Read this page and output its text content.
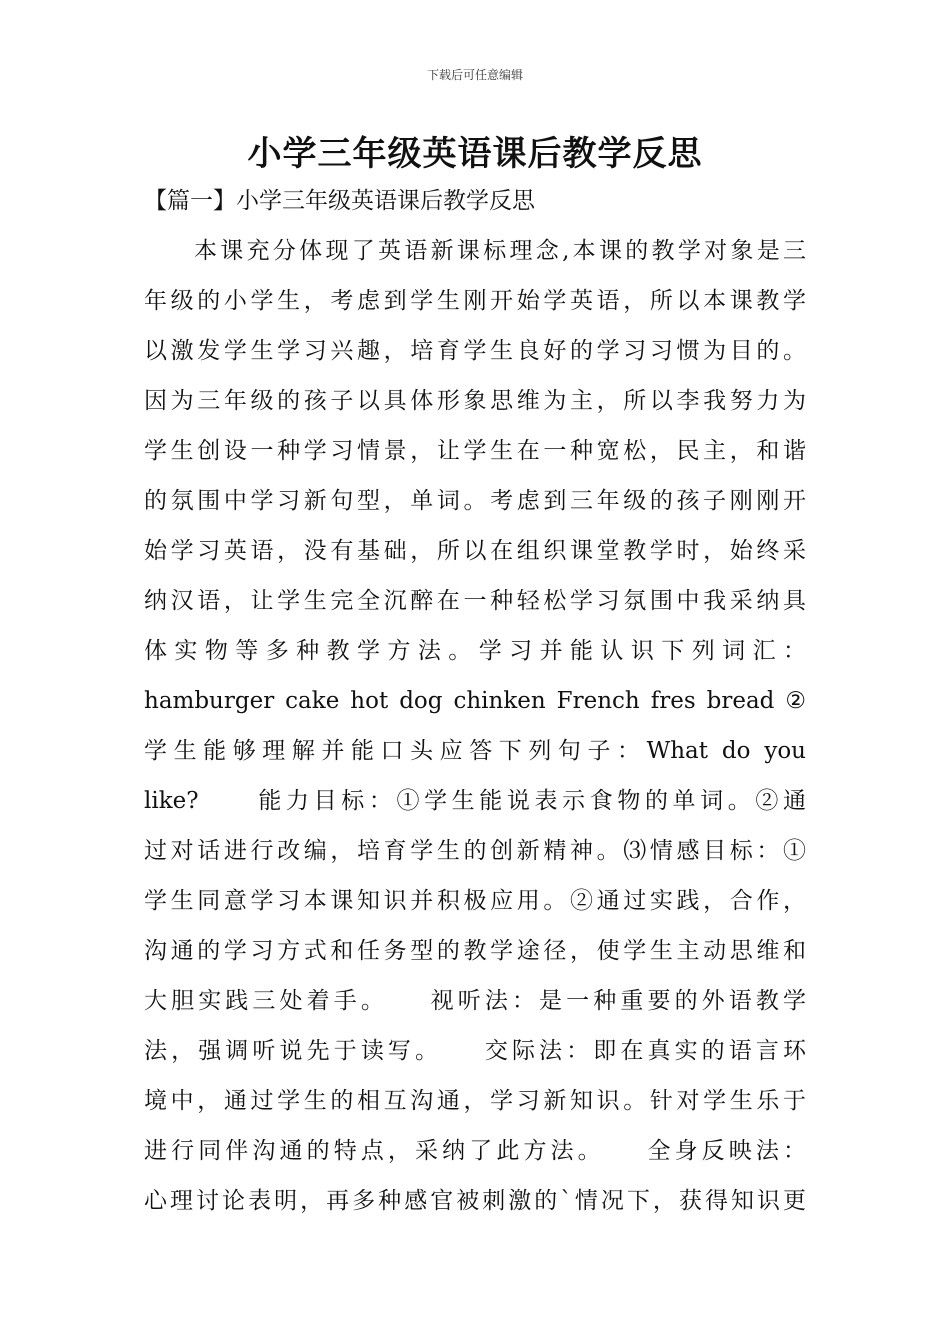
下载后可任意编辑
小学三年级英语课后教学反思
【篇一】小学三年级英语课后教学反思
本课充分体现了英语新课标理念,本课的教学对象是三
年级的小学生，考虑到学生刚开始学英语，所以本课教学
以激发学生学习兴趣，培育学生良好的学习习惯为目的。
因为三年级的孩子以具体形象思维为主，所以李我努力为
学生创设一种学习情景，让学生在一种宽松，民主，和谐
的氛围中学习新句型，单词。考虑到三年级的孩子刚刚开
始学习英语，没有基础，所以在组织课堂教学时，始终采
纳汉语，让学生完全沉醉在一种轻松学习氛围中我采纳具
体实物等多种教学方法。学习并能认识下列词汇：
hamburger cake hot dog chinken French fres bread ②
学生能够理解并能口头应答下列句子：What do you
like?　　能力目标：①学生能说表示食物的单词。②通
过对话进行改编，培育学生的创新精神。⑶情感目标：①
学生同意学习本课知识并积极应用。②通过实践，合作，
沟通的学习方式和任务型的教学途径，使学生主动思维和
大胆实践三处着手。　　视听法：是一种重要的外语教学
法，强调听说先于读写。　　交际法：即在真实的语言环
境中，通过学生的相互沟通，学习新知识。针对学生乐于
进行同伴沟通的特点，采纳了此方法。　　全身反映法：
心理讨论表明，再多种感官被刺激的`情况下，获得知识更
